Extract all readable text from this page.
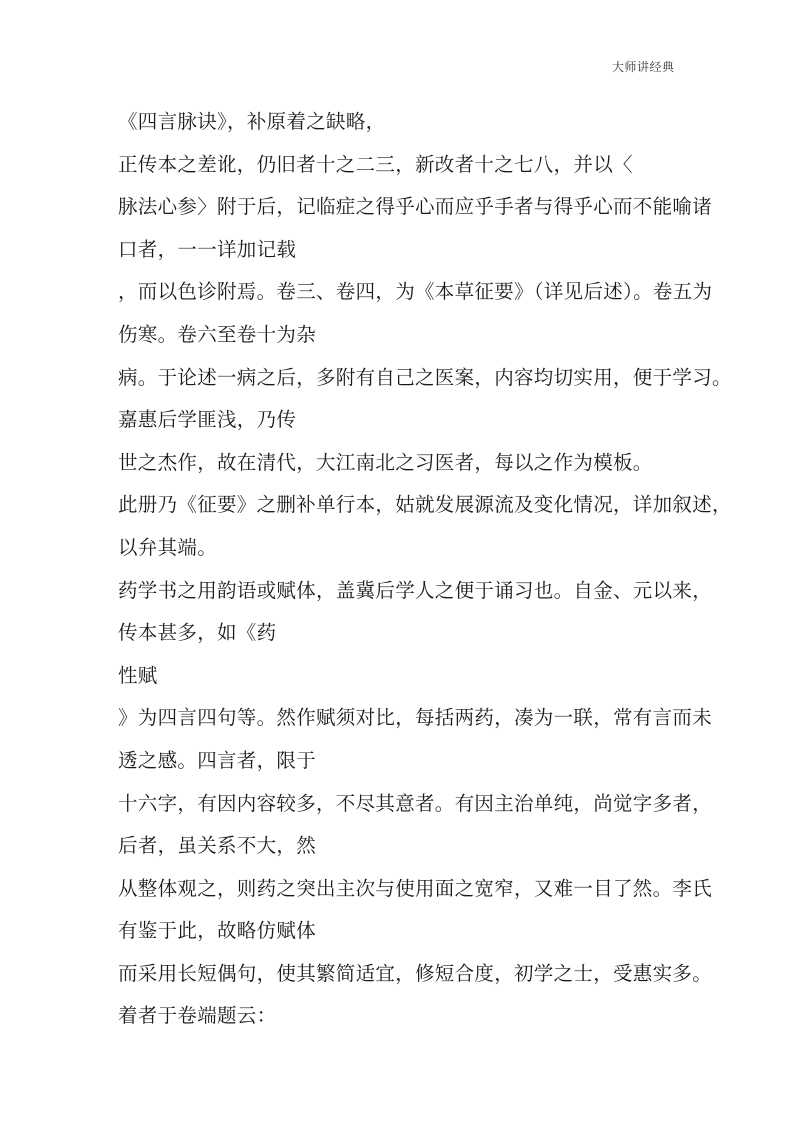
大师讲经典
《四言脉诀》，补原着之缺略，
正传本之差讹，仍旧者十之二三，新改者十之七八，并以〈
脉法心参〉附于后，记临症之得乎心而应乎手者与得乎心而不能喻诸
口者，一一详加记载
，而以色诊附焉。卷三、卷四，为《本草征要》（详见后述）。卷五为
伤寒。卷六至卷十为杂
病。于论述一病之后，多附有自己之医案，内容均切实用，便于学习。
嘉惠后学匪浅，乃传
世之杰作，故在清代，大江南北之习医者，每以之作为模板。
此册乃《征要》之删补单行本，姑就发展源流及变化情况，详加叙述，
以弁其端。
药学书之用韵语或赋体，盖冀后学人之便于诵习也。自金、元以来，
传本甚多，如《药
性赋
》为四言四句等。然作赋须对比，每括两药，凑为一联，常有言而未
透之感。四言者，限于
十六字，有因内容较多，不尽其意者。有因主治单纯，尚觉字多者，
后者，虽关系不大，然
从整体观之，则药之突出主次与使用面之宽窄，又难一目了然。李氏
有鉴于此，故略仿赋体
而采用长短偶句，使其繁简适宜，修短合度，初学之士，受惠实多。
着者于卷端题云：
